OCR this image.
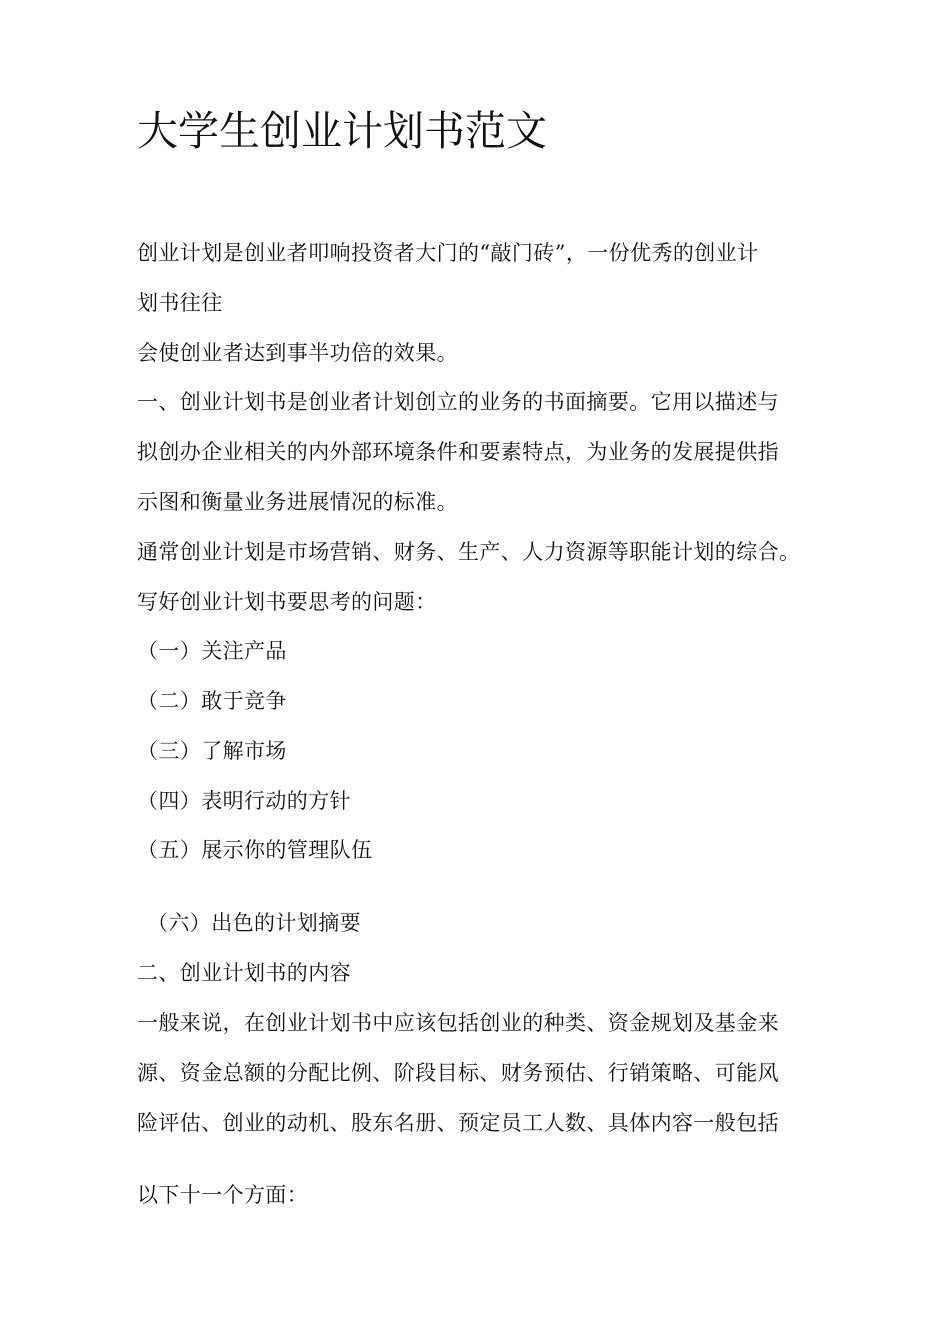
大学生创业计划书范文
创业计划是创业者叩响投资者大门的“敲门砖”，一份优秀的创业计
划书往往
会使创业者达到事半功倍的效果。
一、创业计划书是创业者计划创立的业务的书面摘要。它用以描述与
拟创办企业相关的内外部环境条件和要素特点，为业务的发展提供指
示图和衡量业务进展情况的标准。
通常创业计划是市场营销、财务、生产、人力资源等职能计划的综合。
写好创业计划书要思考的问题：
（一）关注产品
（二）敢于竞争
（三）了解市场
（四）表明行动的方针
（五）展示你的管理队伍
（六）出色的计划摘要
二、创业计划书的内容
一般来说，在创业计划书中应该包括创业的种类、资金规划及基金来
源、资金总额的分配比例、阶段目标、财务预估、行销策略、可能风
险评估、创业的动机、股东名册、预定员工人数、具体内容一般包括
以下十一个方面：
